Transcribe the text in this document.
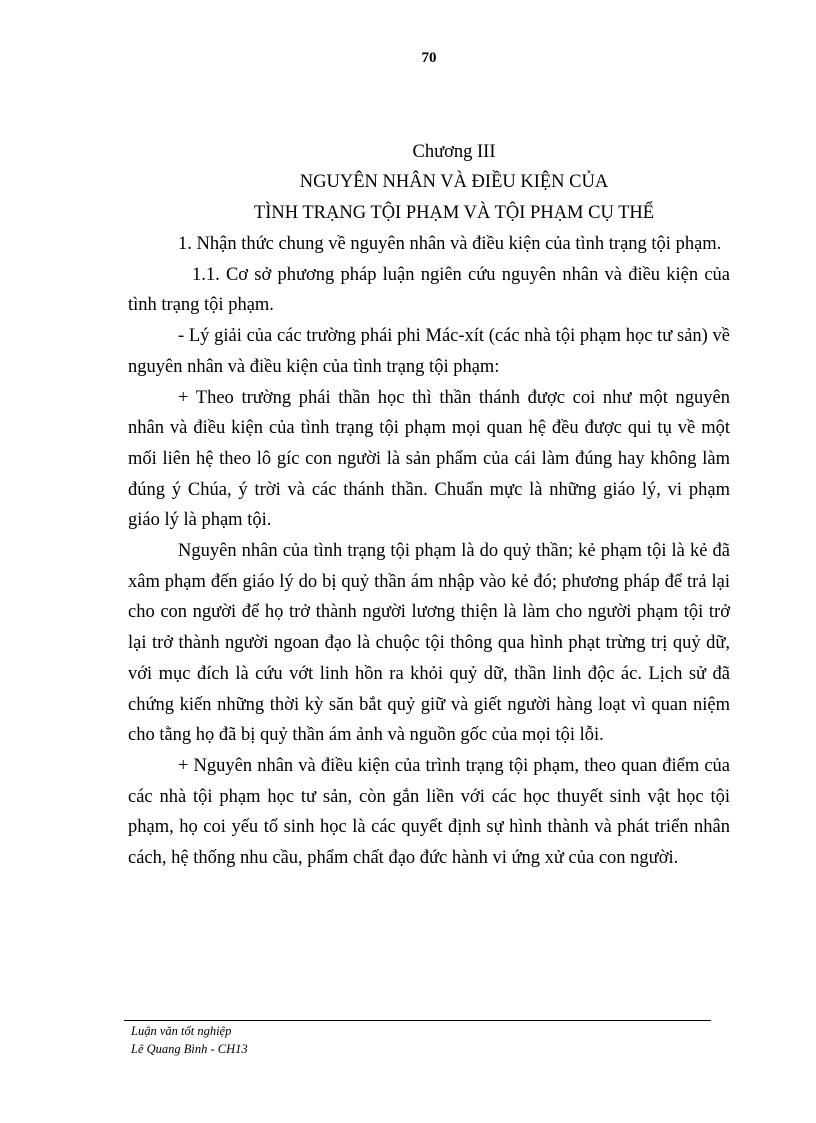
70
Chương III
NGUYÊN NHÂN VÀ ĐIỀU KIỆN CỦA
TÌNH TRẠNG TỘI PHẠM VÀ TỘI PHẠM CỤ THỂ

1. Nhận thức chung về nguyên nhân và điều kiện của tình trạng tội phạm.

1.1. Cơ sở phương pháp luận ngiên cứu nguyên nhân và điều kiện của tình trạng tội phạm.

- Lý giải của các trường phái phi Mác-xít (các nhà tội phạm học tư sản) về nguyên nhân và điều kiện của tình trạng tội phạm:

+ Theo trường phái thần học thì thần thánh được coi như một nguyên nhân và điều kiện của tình trạng tội phạm mọi quan hệ đều được qui tụ về một mối liên hệ theo lô gíc con người là sản phẩm của cái làm đúng hay không làm đúng ý Chúa, ý trời và các thánh thần. Chuẩn mực là những giáo lý, vi phạm giáo lý là phạm tội.

Nguyên nhân của tình trạng tội phạm là do quỷ thần; kẻ phạm tội là kẻ đã xâm phạm đến giáo lý do bị quỷ thần ám nhập vào kẻ đó; phương pháp để trả lại cho con người để họ trở thành người lương thiện là làm cho người phạm tội trở lại trở thành người ngoan đạo là chuộc tội thông qua hình phạt trừng trị quỷ dữ, với mục đích là cứu vớt linh hồn ra khỏi quỷ dữ, thần linh độc ác. Lịch sử đã chứng kiến những thời kỳ săn bắt quỷ giữ và giết người hàng loạt vì quan niệm cho tằng họ đã bị quỷ thần ám ảnh và nguồn gốc của mọi tội lỗi.

+ Nguyên nhân và điều kiện của trình trạng tội phạm, theo quan điểm của các nhà tội phạm học tư sản, còn gắn liền với các học thuyết sinh vật học tội phạm, họ coi yếu tố sinh học là các quyết định sự hình thành và phát triển nhân cách, hệ thống nhu cầu, phẩm chất đạo đức hành vi ứng xử của con người.

Luận văn tốt nghiệp
Lê Quang Bình - CH13
